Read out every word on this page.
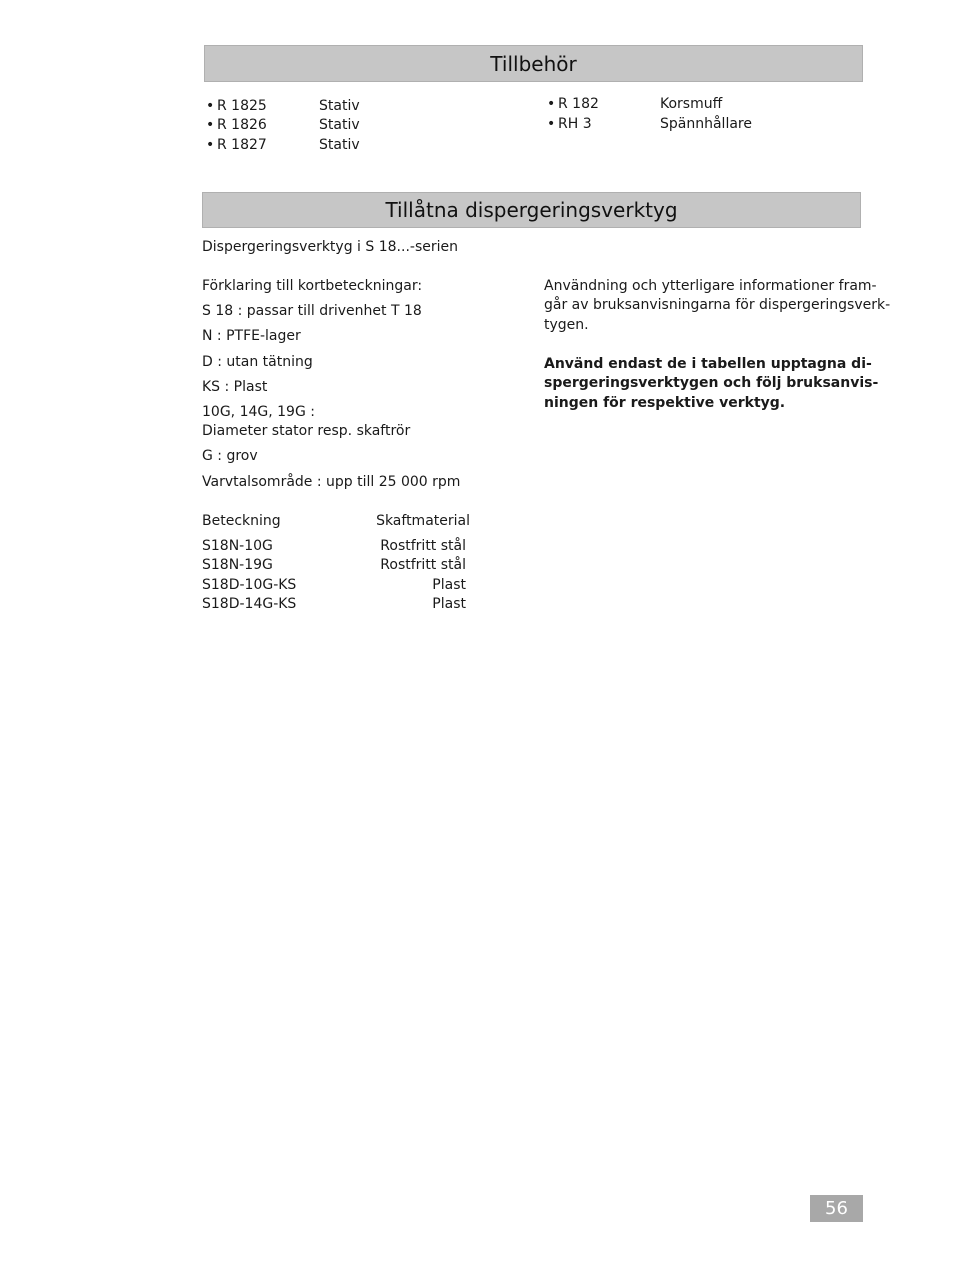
Tillbehör
• R 1825	Stativ
• R 1826	Stativ
• R 1827	Stativ
• R 182	Korsmuff
• RH 3	Spännhållare
Tillåtna dispergeringsverktyg
Dispergeringsverktyg i S 18...-serien
Förklaring till kortbeteckningar:
S 18 : passar till drivenhet T 18
N : PTFE-lager
D : utan tätning
KS : Plast
10G, 14G, 19G :
Diameter stator resp. skaftrör
G : grov
Varvtalsområde : upp till 25 000 rpm
Beteckning	Skaftmaterial
S18N-10G	Rostfritt stål
S18N-19G	Rostfritt stål
S18D-10G-KS	Plast
S18D-14G-KS	Plast
Användning och ytterligare informationer fram-
går av bruksanvisningarna för dispergeringsverk-
tygen.
Använd endast de i tabellen upptagna di-
spergeringsverktygen och följ bruksanvis-
ningen för respektive verktyg.
56
